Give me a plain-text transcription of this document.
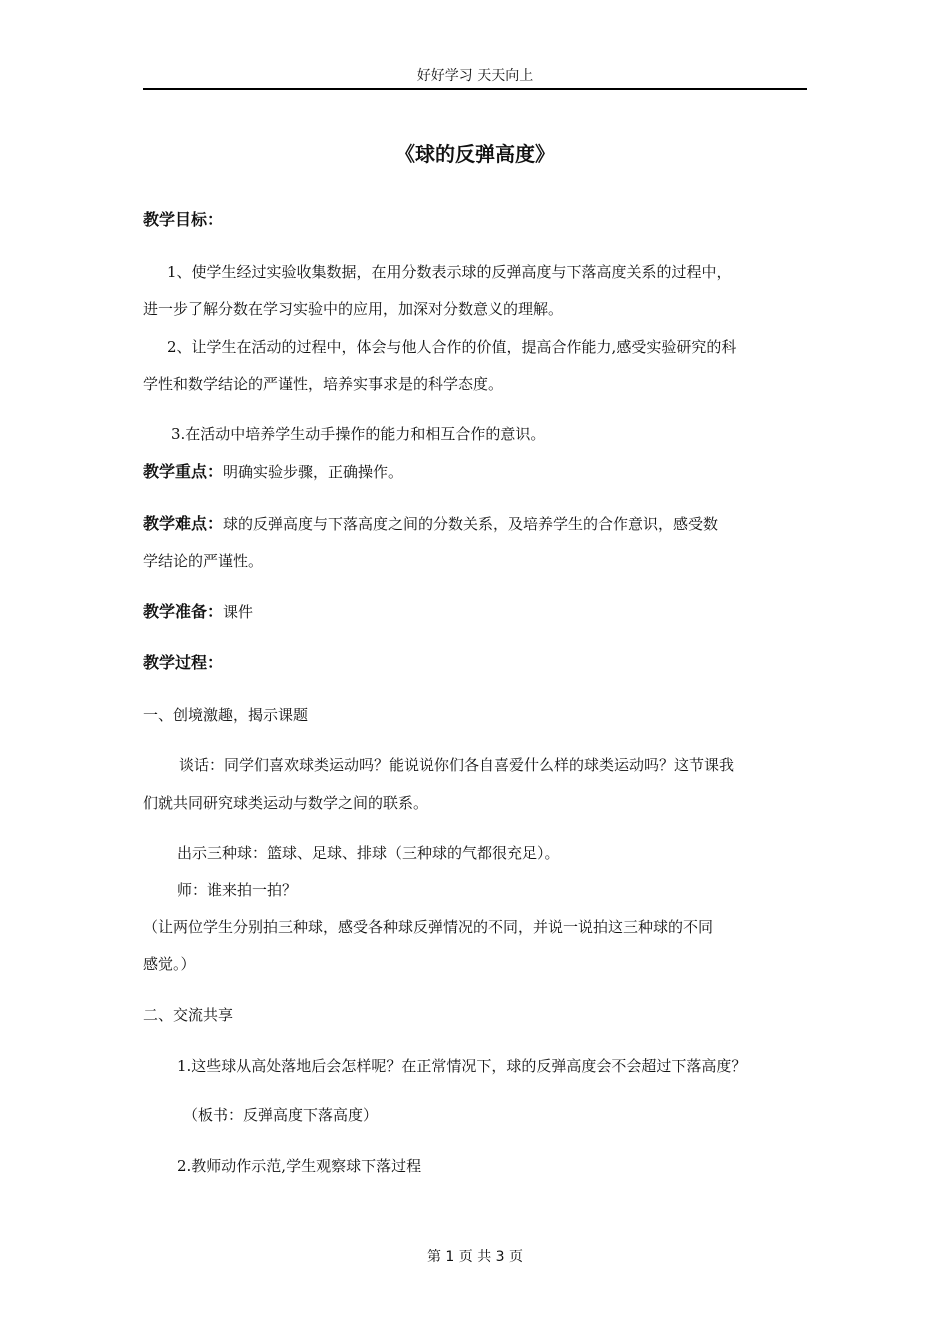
好好学习 天天向上
《球的反弹高度》
教学目标：
1、使学生经过实验收集数据，在用分数表示球的反弹高度与下落高度关系的过程中，
进一步了解分数在学习实验中的应用，加深对分数意义的理解。
2、让学生在活动的过程中，体会与他人合作的价值，提高合作能力,感受实验研究的科
学性和数学结论的严谨性，培养实事求是的科学态度。
3.在活动中培养学生动手操作的能力和相互合作的意识。
教学重点：明确实验步骤，正确操作。
教学难点：球的反弹高度与下落高度之间的分数关系，及培养学生的合作意识，感受数
学结论的严谨性。
教学准备：课件
教学过程：
一、创境激趣，揭示课题
谈话：同学们喜欢球类运动吗？能说说你们各自喜爱什么样的球类运动吗？这节课我
们就共同研究球类运动与数学之间的联系。
出示三种球：篮球、足球、排球（三种球的气都很充足）。
师：谁来拍一拍？
（让两位学生分别拍三种球，感受各种球反弹情况的不同，并说一说拍这三种球的不同
感觉。）
二、交流共享
1.这些球从高处落地后会怎样呢？在正常情况下，球的反弹高度会不会超过下落高度？
（板书：反弹高度下落高度）
2.教师动作示范,学生观察球下落过程
第 1 页 共 3 页
